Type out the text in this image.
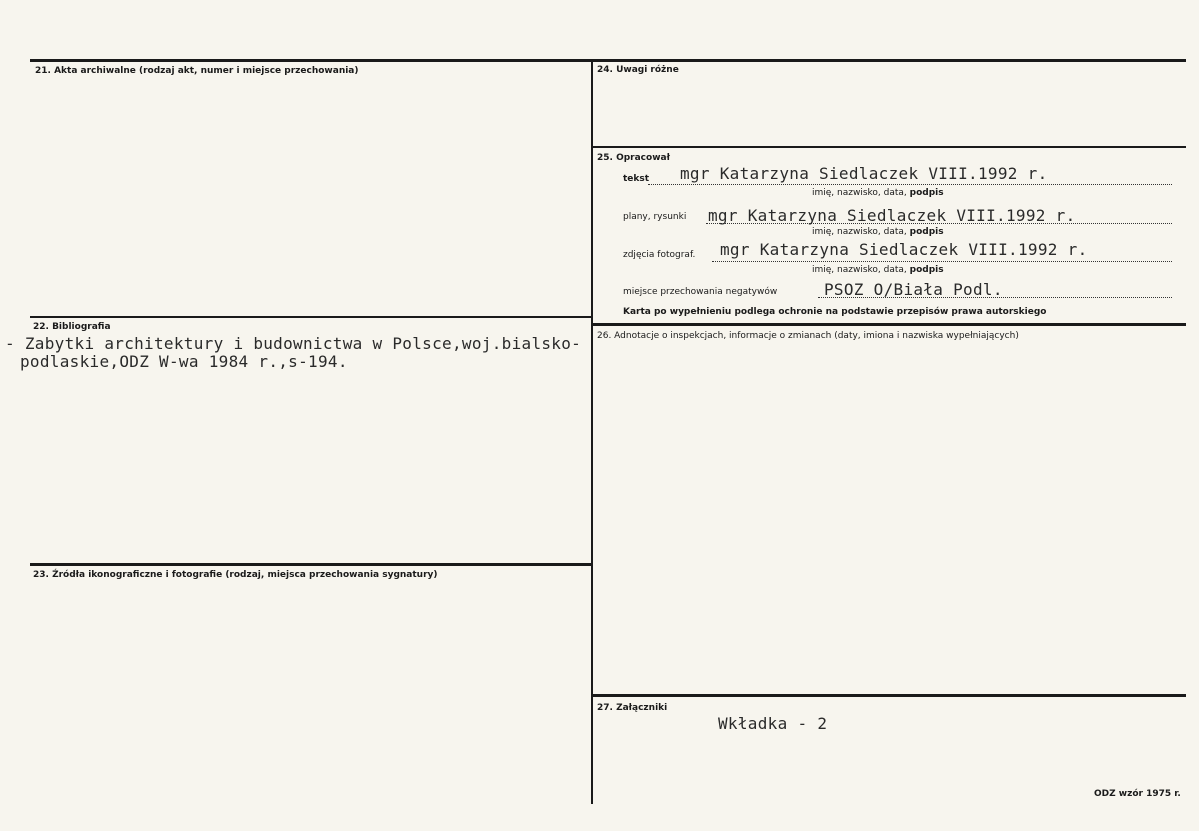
21. Akta archiwalne (rodzaj akt, numer i miejsce przechowania)
22. Bibliografia
- Zabytki architektury i budownictwa w Polsce,woj.bialsko-
podlaskie,ODZ W-wa 1984 r.,s-194.
23. Źródła ikonograficzne i fotografie (rodzaj, miejsca przechowania sygnatury)
24. Uwagi różne
25. Opracował
tekst mgr Katarzyna Siedlaczek VIII.1992 r.
imię, nazwisko, data, podpis
plany, rysunki mgr Katarzyna Siedlaczek VIII.1992 r.
imię, nazwisko, data, podpis
zdjęcia fotograf. mgr Katarzyna Siedlaczek VIII.1992 r.
imię, nazwisko, data, podpis
miejsce przechowania negatywów	PSOZ O/Biała Podl.
Karta po wypełnieniu podlega ochronie na podstawie przepisów prawa autorskiego
26. Adnotacje o inspekcjach, informacje o zmianach (daty, imiona i nazwiska wypełniających)
27. Załączniki
Wkładka - 2
ODZ wzór 1975 r.
